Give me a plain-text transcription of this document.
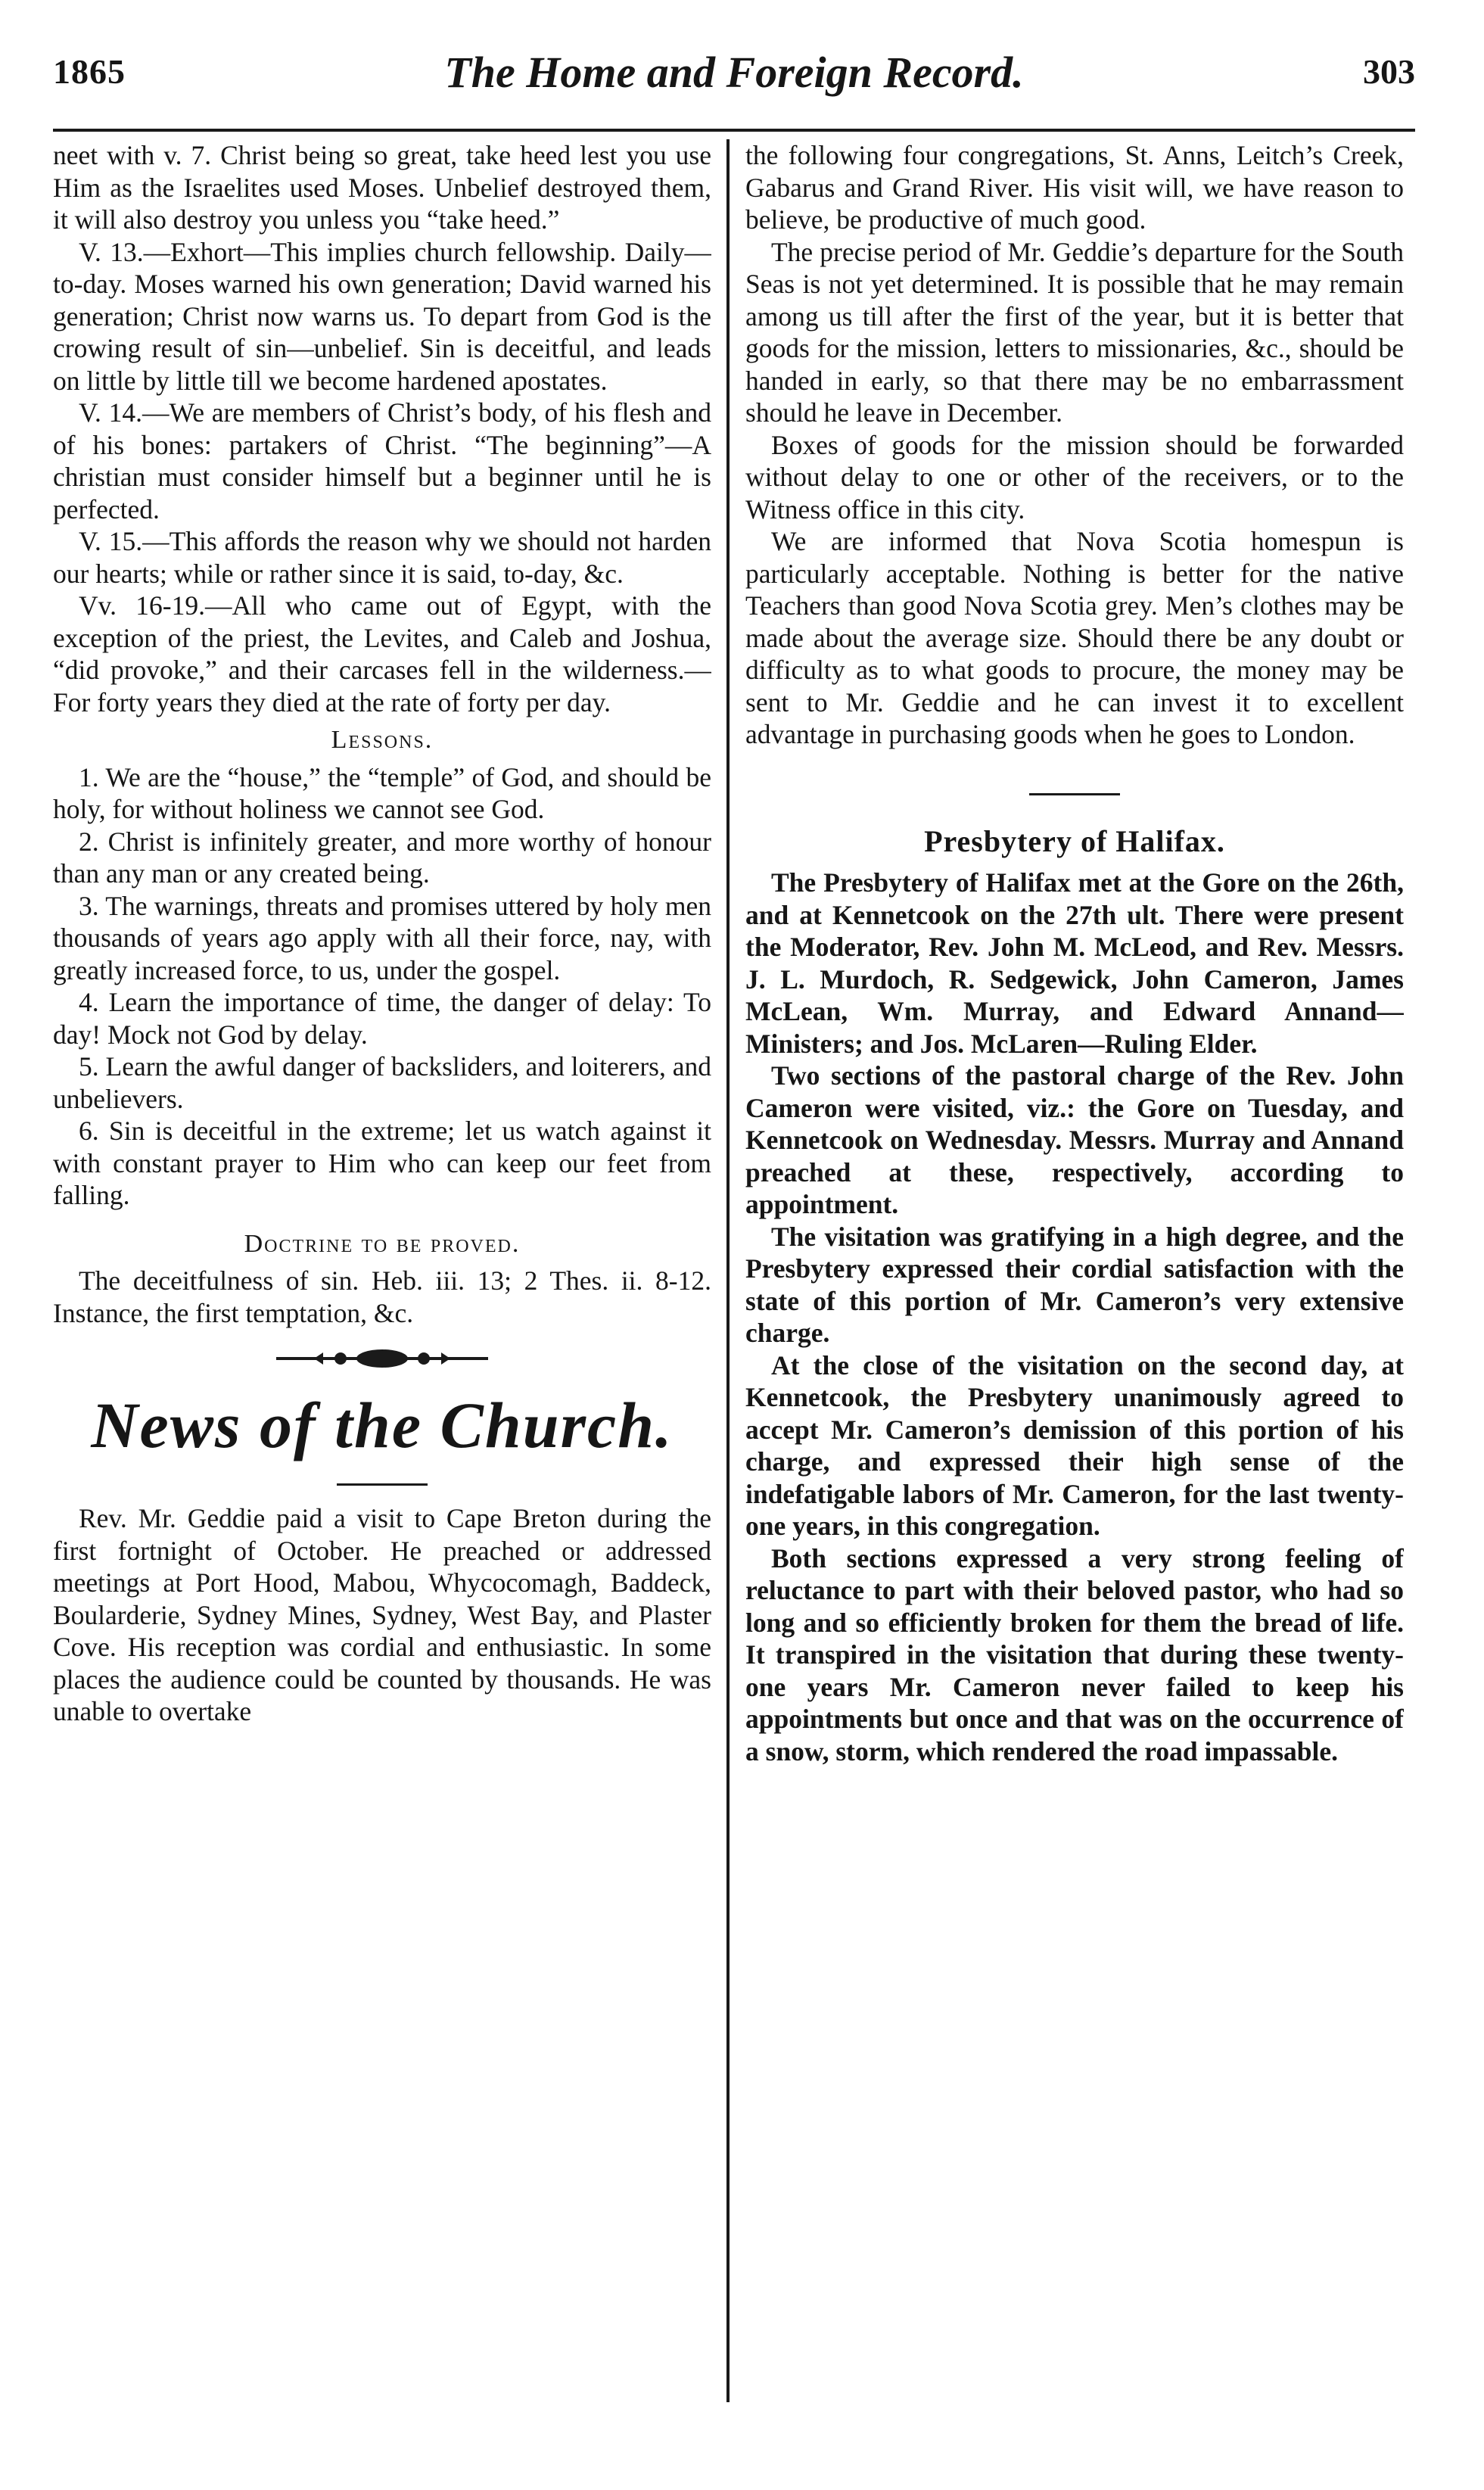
1865	The Home and Foreign Record.	303

neet with v. 7. Christ being so great, take heed lest you use Him as the Israelites used Moses. Unbelief destroyed them, it will also destroy you unless you “take heed.”

V. 13.—Exhort—This implies church fellowship. Daily—to-day. Moses warned his own generation; David warned his generation; Christ now warns us. To depart from God is the crowing result of sin—unbelief. Sin is deceitful, and leads on little by little till we become hardened apostates.

V. 14.—We are members of Christ’s body, of his flesh and of his bones: partakers of Christ. “The beginning”—A christian must consider himself but a beginner until he is perfected.

V. 15.—This affords the reason why we should not harden our hearts; while or rather since it is said, to-day, &c.

Vv. 16-19.—All who came out of Egypt, with the exception of the priest, the Levites, and Caleb and Joshua, “did provoke,” and their carcases fell in the wilderness.—For forty years they died at the rate of forty per day.

Lessons.

1. We are the “house,” the “temple” of God, and should be holy, for without holiness we cannot see God.

2. Christ is infinitely greater, and more worthy of honour than any man or any created being.

3. The warnings, threats and promises uttered by holy men thousands of years ago apply with all their force, nay, with greatly increased force, to us, under the gospel.

4. Learn the importance of time, the danger of delay: To day! Mock not God by delay.

5. Learn the awful danger of backsliders, and loiterers, and unbelievers.

6. Sin is deceitful in the extreme; let us watch against it with constant prayer to Him who can keep our feet from falling.

Doctrine to be proved.

The deceitfulness of sin. Heb. iii. 13; 2 Thes. ii. 8-12. Instance, the first temptation, &c.

News of the Church.

Rev. Mr. Geddie paid a visit to Cape Breton during the first fortnight of October. He preached or addressed meetings at Port Hood, Mabou, Whycocomagh, Baddeck, Boularderie, Sydney Mines, Sydney, West Bay, and Plaster Cove. His reception was cordial and enthusiastic. In some places the audience could be counted by thousands. He was unable to overtake

the following four congregations, St. Anns, Leitch’s Creek, Gabarus and Grand River. His visit will, we have reason to believe, be productive of much good.

The precise period of Mr. Geddie’s departure for the South Seas is not yet determined. It is possible that he may remain among us till after the first of the year, but it is better that goods for the mission, letters to missionaries, &c., should be handed in early, so that there may be no embarrassment should he leave in December.

Boxes of goods for the mission should be forwarded without delay to one or other of the receivers, or to the Witness office in this city.

We are informed that Nova Scotia homespun is particularly acceptable. Nothing is better for the native Teachers than good Nova Scotia grey. Men’s clothes may be made about the average size. Should there be any doubt or difficulty as to what goods to procure, the money may be sent to Mr. Geddie and he can invest it to excellent advantage in purchasing goods when he goes to London.

Presbytery of Halifax.

The Presbytery of Halifax met at the Gore on the 26th, and at Kennetcook on the 27th ult. There were present the Moderator, Rev. John M. McLeod, and Rev. Messrs. J. L. Murdoch, R. Sedgewick, John Cameron, James McLean, Wm. Murray, and Edward Annand—Ministers; and Jos. McLaren—Ruling Elder.

Two sections of the pastoral charge of the Rev. John Cameron were visited, viz.: the Gore on Tuesday, and Kennetcook on Wednesday. Messrs. Murray and Annand preached at these, respectively, according to appointment.

The visitation was gratifying in a high degree, and the Presbytery expressed their cordial satisfaction with the state of this portion of Mr. Cameron’s very extensive charge.

At the close of the visitation on the second day, at Kennetcook, the Presbytery unanimously agreed to accept Mr. Cameron’s demission of this portion of his charge, and expressed their high sense of the indefatigable labors of Mr. Cameron, for the last twenty-one years, in this congregation.

Both sections expressed a very strong feeling of reluctance to part with their beloved pastor, who had so long and so efficiently broken for them the bread of life. It transpired in the visitation that during these twenty-one years Mr. Cameron never failed to keep his appointments but once and that was on the occurrence of a snow, storm, which rendered the road impassable.
